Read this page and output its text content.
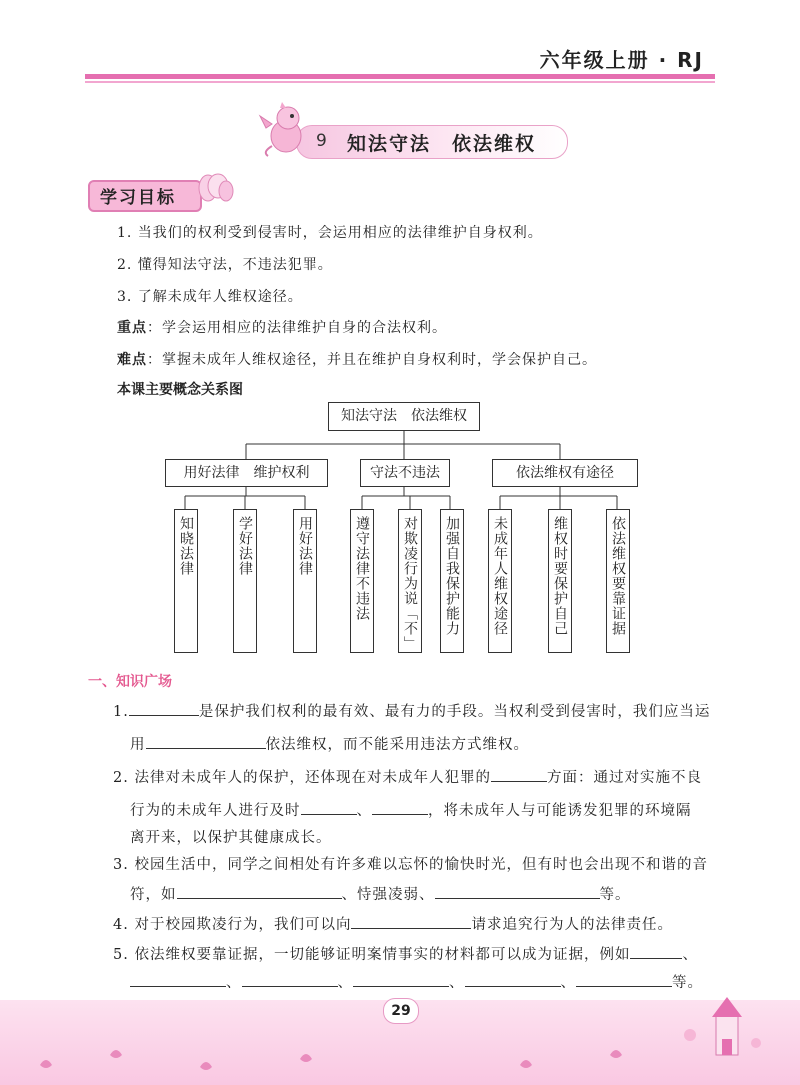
六年级上册 · RJ
9 知法守法　依法维权
学习目标
1. 当我们的权利受到侵害时，会运用相应的法律维护自身权利。
2. 懂得知法守法，不违法犯罪。
3. 了解未成年人维权途径。
重点：学会运用相应的法律维护自身的合法权利。
难点：掌握未成年人维权途径，并且在维护自身权利时，学会保护自己。
本课主要概念关系图
知法守法　依法维权
用好法律　维护权利	守法不违法	依法维权有途径
知晓法律	学好法律	用好法律	遵守法律不违法 对欺凌行为说「不」 加强自我保护能力 未成年人维权途径	维权时要保护自己	依法维权要靠证据
一、知识广场
1.	是保护我们权利的最有效、最有力的手段。当权利受到侵害时，我们应当运
用	依法维权，而不能采用违法方式维权。
2. 法律对未成年人的保护，还体现在对未成年人犯罪的	方面：通过对实施不良
行为的未成年人进行及时	、	，将未成年人与可能诱发犯罪的环境隔
离开来，以保护其健康成长。
3. 校园生活中，同学之间相处有许多难以忘怀的愉快时光，但有时也会出现不和谐的音
符，如	、恃强凌弱、	等。
4. 对于校园欺凌行为，我们可以向	请求追究行为人的法律责任。
5. 依法维权要靠证据，一切能够证明案情事实的材料都可以成为证据，例如	、
、	、	、	、	等。
29
